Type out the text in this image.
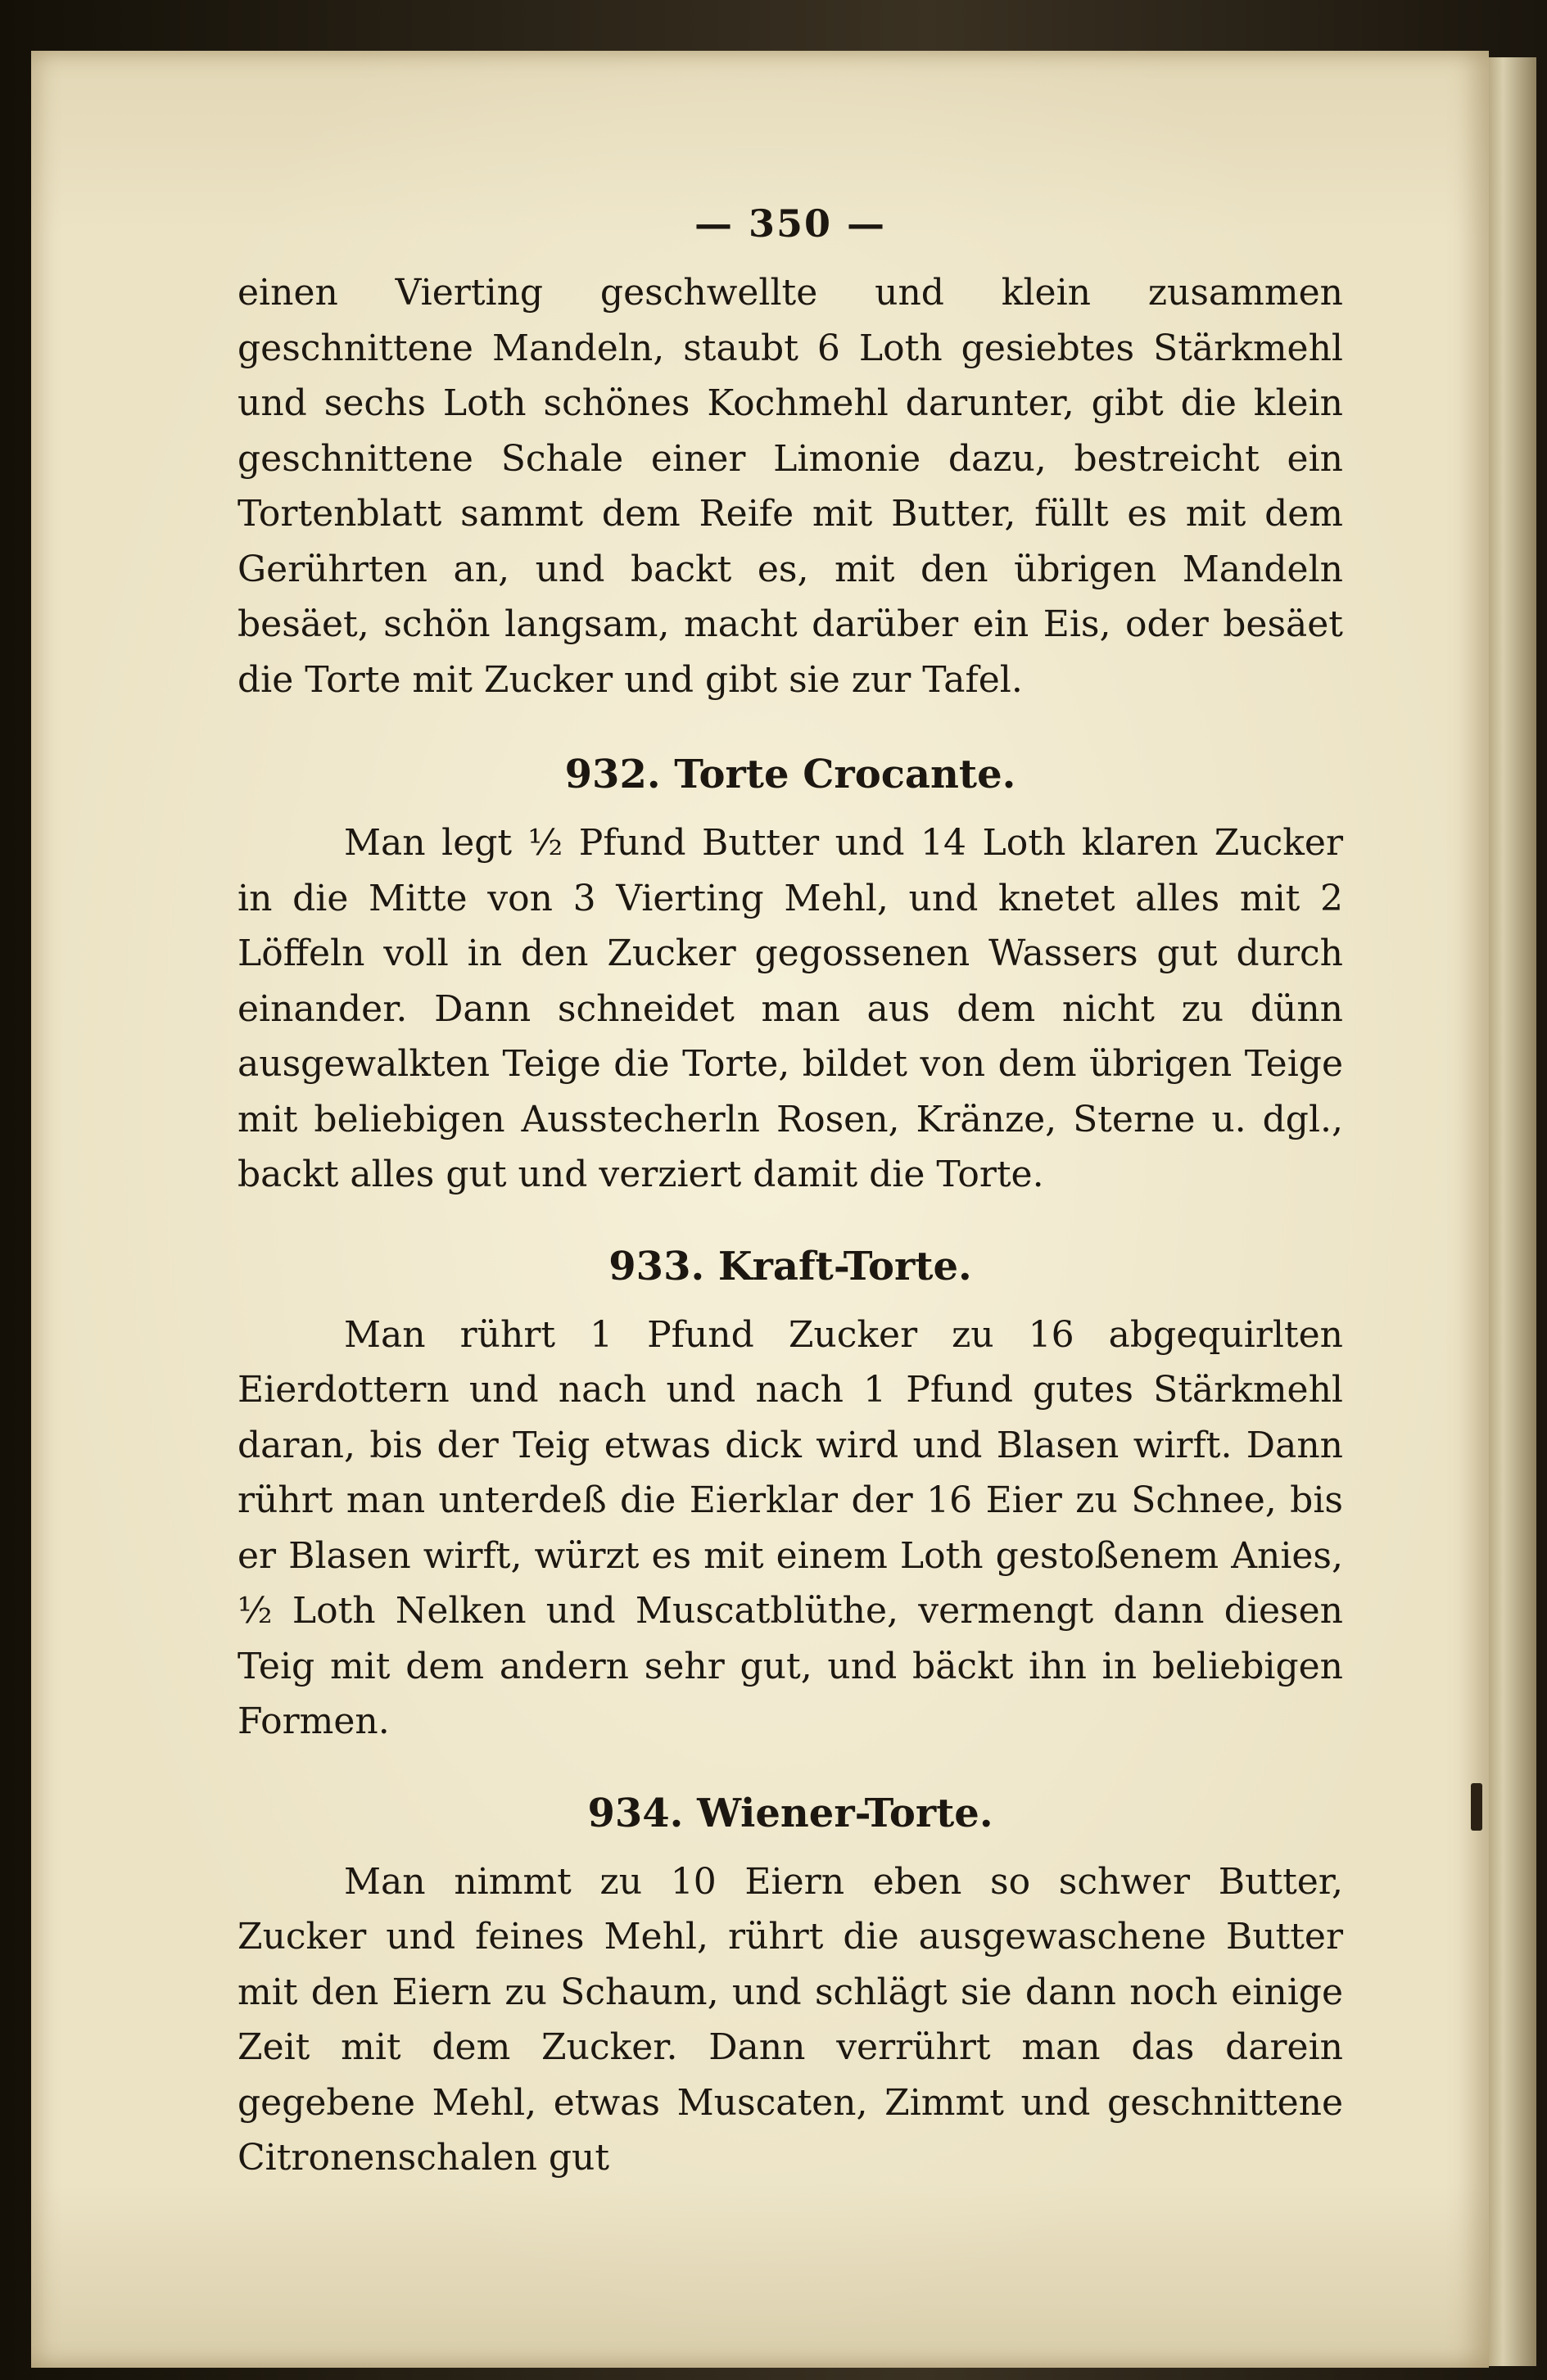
— 350 —

einen Vierting geschwellte und klein zusammen geschnittene Mandeln, staubt 6 Loth gesiebtes Stärkmehl und sechs Loth schönes Kochmehl darunter, gibt die klein geschnittene Schale einer Limonie dazu, bestreicht ein Tortenblatt sammt dem Reife mit Butter, füllt es mit dem Gerührten an, und backt es, mit den übrigen Mandeln besäet, schön langsam, macht darüber ein Eis, oder besäet die Torte mit Zucker und gibt sie zur Tafel.

932. Torte Crocante.

Man legt ½ Pfund Butter und 14 Loth klaren Zucker in die Mitte von 3 Vierting Mehl, und knetet alles mit 2 Löffeln voll in den Zucker gegossenen Wassers gut durch einander. Dann schneidet man aus dem nicht zu dünn ausgewalkten Teige die Torte, bildet von dem übrigen Teige mit beliebigen Ausstecherln Rosen, Kränze, Sterne u. dgl., backt alles gut und verziert damit die Torte.

933. Kraft-Torte.

Man rührt 1 Pfund Zucker zu 16 abgequirlten Eierdottern und nach und nach 1 Pfund gutes Stärkmehl daran, bis der Teig etwas dick wird und Blasen wirft. Dann rührt man unterdeß die Eierklar der 16 Eier zu Schnee, bis er Blasen wirft, würzt es mit einem Loth gestoßenem Anies, ½ Loth Nelken und Muscatblüthe, vermengt dann diesen Teig mit dem andern sehr gut, und bäckt ihn in beliebigen Formen.

934. Wiener-Torte.

Man nimmt zu 10 Eiern eben so schwer Butter, Zucker und feines Mehl, rührt die ausgewaschene Butter mit den Eiern zu Schaum, und schlägt sie dann noch einige Zeit mit dem Zucker. Dann verrührt man das darein gegebene Mehl, etwas Muscaten, Zimmt und geschnittene Citronenschalen gut
